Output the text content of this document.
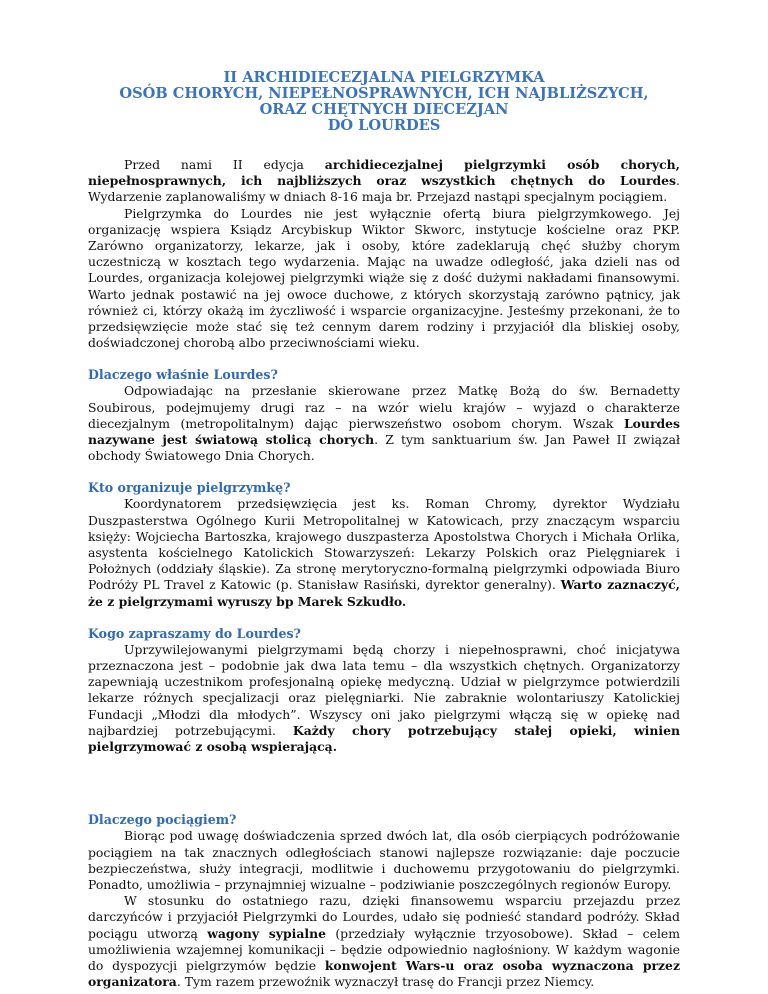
II ARCHIDIECEZJALNA PIELGRZYMKA
OSÓB CHORYCH, NIEPEŁNOSPRAWNYCH, ICH NAJBLIŻSZYCH,
ORAZ CHĘTNYCH DIECEZJAN
DO LOURDES

Przed nami II edycja archidiecezjalnej pielgrzymki osób chorych, niepełnosprawnych, ich najbliższych oraz wszystkich chętnych do Lourdes. Wydarzenie zaplanowaliśmy w dniach 8-16 maja br. Przejazd nastąpi specjalnym pociągiem.

Pielgrzymka do Lourdes nie jest wyłącznie ofertą biura pielgrzymkowego. Jej organizację wspiera Ksiądz Arcybiskup Wiktor Skworc, instytucje kościelne oraz PKP. Zarówno organizatorzy, lekarze, jak i osoby, które zadeklarują chęć służby chorym uczestniczą w kosztach tego wydarzenia. Mając na uwadze odległość, jaka dzieli nas od Lourdes, organizacja kolejowej pielgrzymki wiąże się z dość dużymi nakładami finansowymi. Warto jednak postawić na jej owoce duchowe, z których skorzystają zarówno pątnicy, jak również ci, którzy okażą im życzliwość i wsparcie organizacyjne. Jesteśmy przekonani, że to przedsięwzięcie może stać się też cennym darem rodziny i przyjaciół dla bliskiej osoby, doświadczonej chorobą albo przeciwnościami wieku.

Dlaczego właśnie Lourdes?

Odpowiadając na przesłanie skierowane przez Matkę Bożą do św. Bernadetty Soubirous, podejmujemy drugi raz – na wzór wielu krajów – wyjazd o charakterze diecezjalnym (metropolitalnym) dając pierwszeństwo osobom chorym. Wszak Lourdes nazywane jest światową stolicą chorych. Z tym sanktuarium św. Jan Paweł II związał obchody Światowego Dnia Chorych.

Kto organizuje pielgrzymkę?

Koordynatorem przedsięwzięcia jest ks. Roman Chromy, dyrektor Wydziału Duszpasterstwa Ogólnego Kurii Metropolitalnej w Katowicach, przy znaczącym wsparciu księży: Wojciecha Bartoszka, krajowego duszpasterza Apostolstwa Chorych i Michała Orlika, asystenta kościelnego Katolickich Stowarzyszeń: Lekarzy Polskich oraz Pielęgniarek i Położnych (oddziały śląskie). Za stronę merytoryczno-formalną pielgrzymki odpowiada Biuro Podróży PL Travel z Katowic (p. Stanisław Rasiński, dyrektor generalny). Warto zaznaczyć, że z pielgrzymami wyruszy bp Marek Szkudło.

Kogo zapraszamy do Lourdes?

Uprzywilejowanymi pielgrzymami będą chorzy i niepełnosprawni, choć inicjatywa przeznaczona jest – podobnie jak dwa lata temu – dla wszystkich chętnych. Organizatorzy zapewniają uczestnikom profesjonalną opiekę medyczną. Udział w pielgrzymce potwierdzili lekarze różnych specjalizacji oraz pielęgniarki. Nie zabraknie wolontariuszy Katolickiej Fundacji „Młodzi dla młodych”. Wszyscy oni jako pielgrzymi włączą się w opiekę nad najbardziej potrzebującymi. Każdy chory potrzebujący stałej opieki, winien pielgrzymować z osobą wspierającą.

Dlaczego pociągiem?

Biorąc pod uwagę doświadczenia sprzed dwóch lat, dla osób cierpiących podróżowanie pociągiem na tak znacznych odległościach stanowi najlepsze rozwiązanie: daje poczucie bezpieczeństwa, służy integracji, modlitwie i duchowemu przygotowaniu do pielgrzymki. Ponadto, umożliwia – przynajmniej wizualne – podziwianie poszczególnych regionów Europy.

W stosunku do ostatniego razu, dzięki finansowemu wsparciu przejazdu przez darczyńców i przyjaciół Pielgrzymki do Lourdes, udało się podnieść standard podróży. Skład pociągu utworzą wagony sypialne (przedziały wyłącznie trzyosobowe). Skład – celem umożliwienia wzajemnej komunikacji – będzie odpowiednio nagłośniony. W każdym wagonie do dyspozycji pielgrzymów będzie konwojent Wars-u oraz osoba wyznaczona przez organizatora. Tym razem przewoźnik wyznaczył trasę do Francji przez Niemcy.
